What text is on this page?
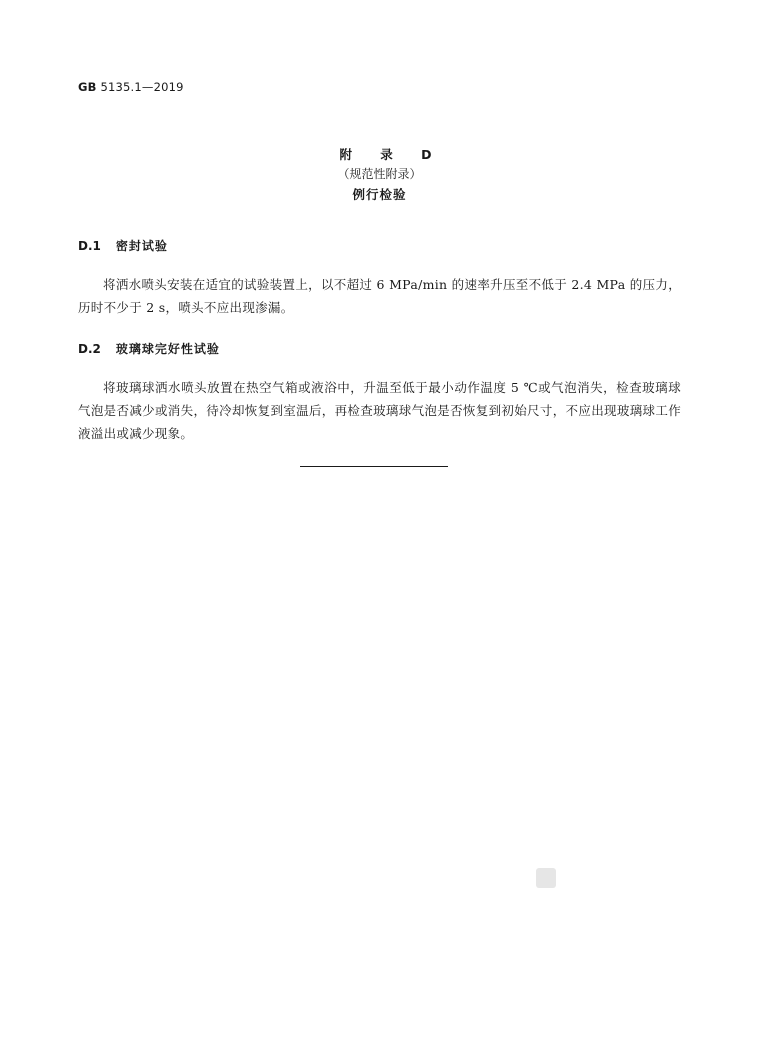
GB 5135.1—2019
附 录 D
（规范性附录）
例行检验
D.1 密封试验
将洒水喷头安装在适宜的试验装置上，以不超过 6 MPa/min 的速率升压至不低于 2.4 MPa 的压力，历时不少于 2 s，喷头不应出现渗漏。
D.2 玻璃球完好性试验
将玻璃球洒水喷头放置在热空气箱或液浴中，升温至低于最小动作温度 5 ℃或气泡消失，检查玻璃球气泡是否减少或消失，待冷却恢复到室温后，再检查玻璃球气泡是否恢复到初始尺寸，不应出现玻璃球工作液溢出或减少现象。
